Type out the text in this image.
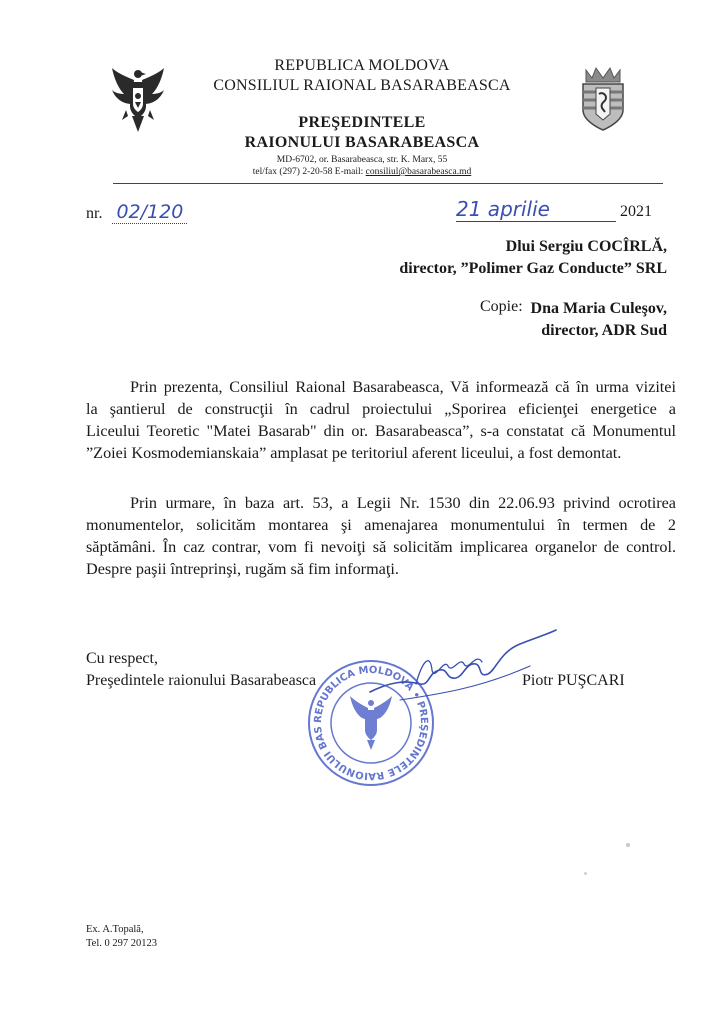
REPUBLICA MOLDOVA
CONSILIUL RAIONAL BASARABEASCA
PREŞEDINTELE
RAIONULUI BASARABEASCA
MD-6702, or. Basarabeasca, str. K. Marx, 55
tel/fax (297) 2-20-58 E-mail: consiliul@basarabeasca.md
nr. 02/120	21 aprilie	2021
Dlui Sergiu COCÎRLĂ,
director, ”Polimer Gaz Conducte” SRL
Copie: Dna Maria Culeşov,
director, ADR Sud
Prin prezenta, Consiliul Raional Basarabeasca, Vă informează că în urma vizitei
la şantierul de construcţii în cadrul proiectului „Sporirea eficienţei energetice a
Liceului Teoretic "Matei Basarab" din or. Basarabeasca”, s-a constatat că Monumentul
”Zoiei Kosmodemianskaia” amplasat pe teritoriul aferent liceului, a fost demontat.
Prin urmare, în baza art. 53, a Legii Nr. 1530 din 22.06.93 privind ocrotirea
monumentelor, solicităm montarea şi amenajarea monumentului în termen de 2
săptămâni. În caz contrar, vom fi nevoiţi să solicităm implicarea organelor de control.
Despre paşii întreprinşi, rugăm să fim informaţi.
Cu respect,
Preşedintele raionului Basarabeasca	Piotr PUŞCARI
REPUBLICA MOLDOVA • PREŞEDINTELE RAIONULUI BAS
Ex. A.Topală,
Tel. 0 297 20123
